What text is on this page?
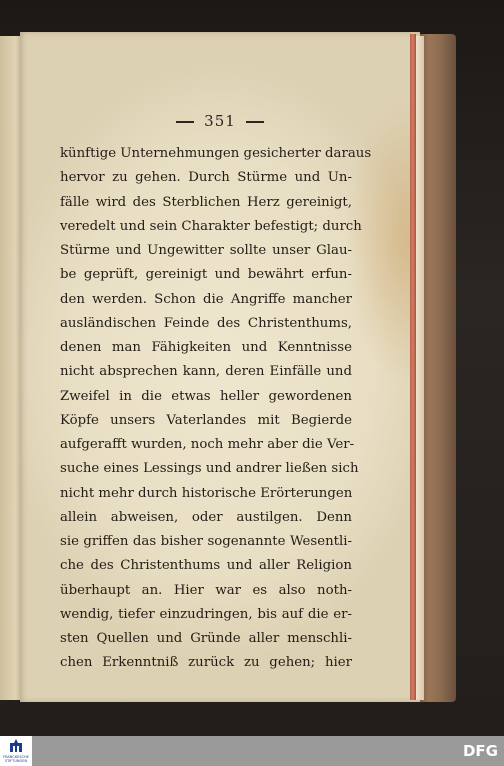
351
künftige Unternehmungen gesicherter daraus
hervor zu gehen. Durch Stürme und Un-
fälle wird des Sterblichen Herz gereinigt,
veredelt und sein Charakter befestigt; durch
Stürme und Ungewitter sollte unser Glau-
be geprüft, gereinigt und bewährt erfun-
den werden. Schon die Angriffe mancher
ausländischen Feinde des Christenthums,
denen man Fähigkeiten und Kenntnisse
nicht absprechen kann, deren Einfälle und
Zweifel in die etwas heller gewordenen
Köpfe unsers Vaterlandes mit Begierde
aufgerafft wurden, noch mehr aber die Ver-
suche eines Lessings und andrer ließen sich
nicht mehr durch historische Erörterungen
allein abweisen, oder austilgen. Denn
sie griffen das bisher sogenannte Wesentli-
che des Christenthums und aller Religion
überhaupt an. Hier war es also noth-
wendig, tiefer einzudringen, bis auf die er-
sten Quellen und Gründe aller menschli-
chen Erkenntniß zurück zu gehen; hier
FRANCKESCHE STIFTUNGEN
DFG
